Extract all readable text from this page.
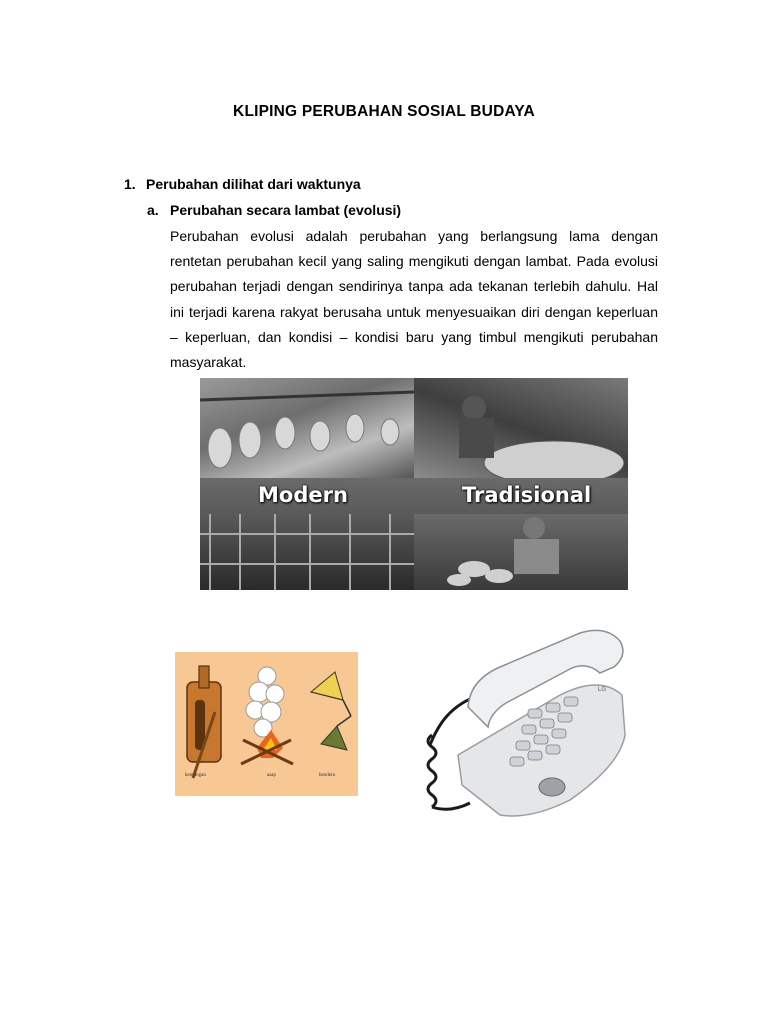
KLIPING PERUBAHAN SOSIAL BUDAYA
1. Perubahan dilihat dari waktunya
a. Perubahan secara lambat (evolusi)
Perubahan evolusi adalah perubahan yang berlangsung lama dengan rentetan perubahan kecil yang saling mengikuti dengan lambat. Pada evolusi perubahan terjadi dengan sendirinya tanpa ada tekanan terlebih dahulu. Hal ini terjadi karena rakyat berusaha untuk menyesuaikan diri dengan keperluan – keperluan, dan kondisi – kondisi baru yang timbul mengikuti perubahan masyarakat.
Modern	Tradisional
kentongan	asap	bendera
LG
